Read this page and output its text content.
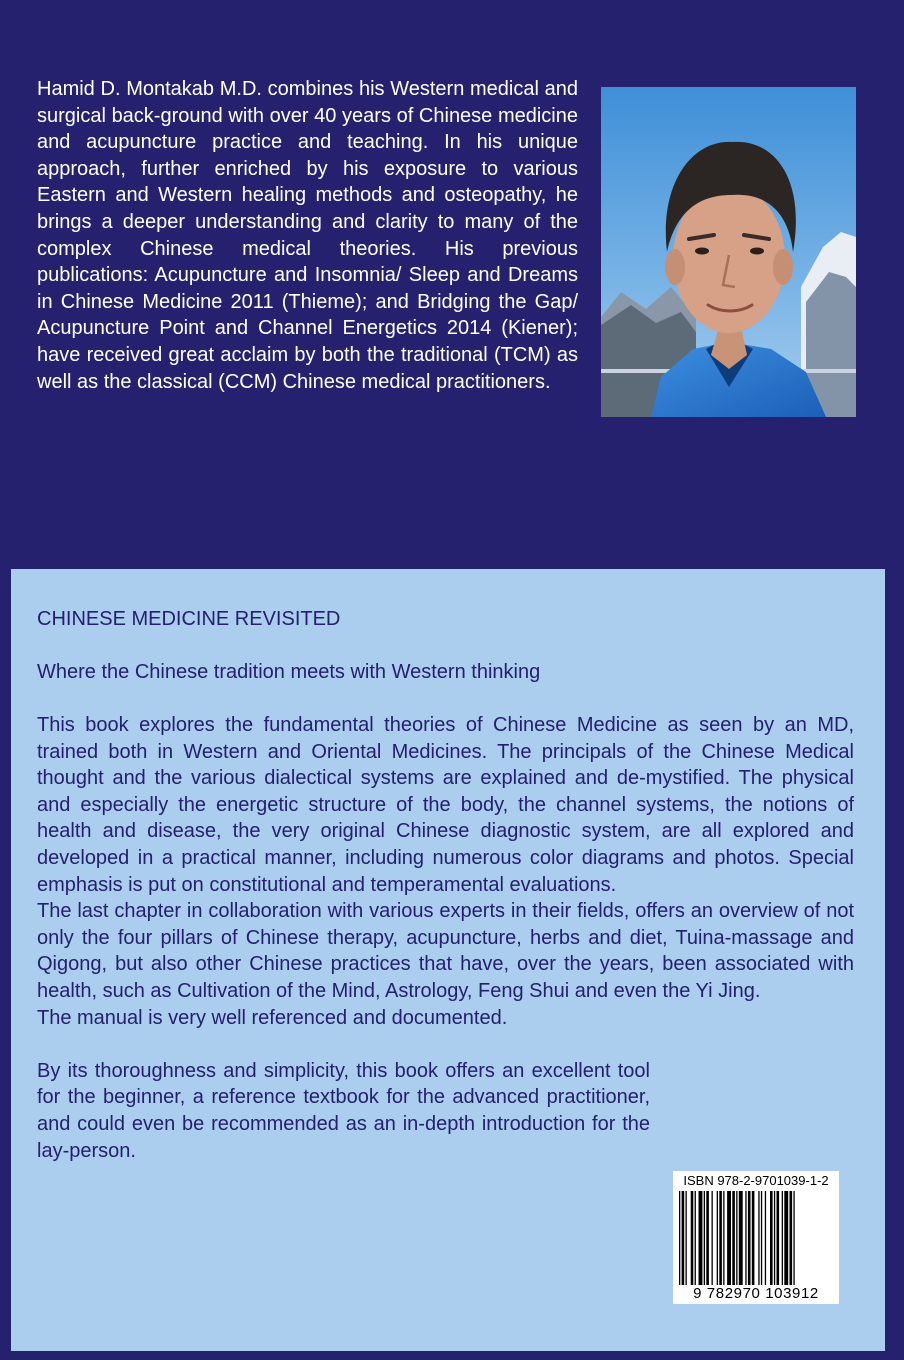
Hamid D. Montakab M.D. combines his Western medical and surgical back-ground with over 40 years of Chinese medicine and acupuncture practice and teaching. In his unique approach, further enriched by his exposure to various Eastern and Western healing methods and osteopathy, he brings a deeper understanding and clarity to many of the complex Chinese medical theories. His previous publications: Acupuncture and Insomnia/ Sleep and Dreams in Chinese Medicine 2011 (Thieme); and Bridging the Gap/ Acupuncture Point and Channel Energetics 2014 (Kiener); have received great acclaim by both the traditional (TCM) as well as the classical (CCM) Chinese medical practitioners.

CHINESE MEDICINE REVISITED

Where the Chinese tradition meets with Western thinking

This book explores the fundamental theories of Chinese Medicine as seen by an MD, trained both in Western and Oriental Medicines. The principals of the Chinese Medical thought and the various dialectical systems are explained and de-mystified. The physical and especially the energetic structure of the body, the channel systems, the notions of health and disease, the very original Chinese diagnostic system, are all explored and developed in a practical manner, including numerous color diagrams and photos. Special emphasis is put on constitutional and temperamental evaluations.

The last chapter in collaboration with various experts in their fields, offers an overview of not only the four pillars of Chinese therapy, acupuncture, herbs and diet, Tuina-massage and Qigong, but also other Chinese practices that have, over the years, been associated with health, such as Cultivation of the Mind, Astrology, Feng Shui and even the Yi Jing.

The manual is very well referenced and documented.

By its thoroughness and simplicity, this book offers an excellent tool for the beginner, a reference textbook for the advanced practitioner, and could even be recommended as an in-depth introduction for the lay-person.

ISBN 978-2-9701039-1-2
9 782970 103912
